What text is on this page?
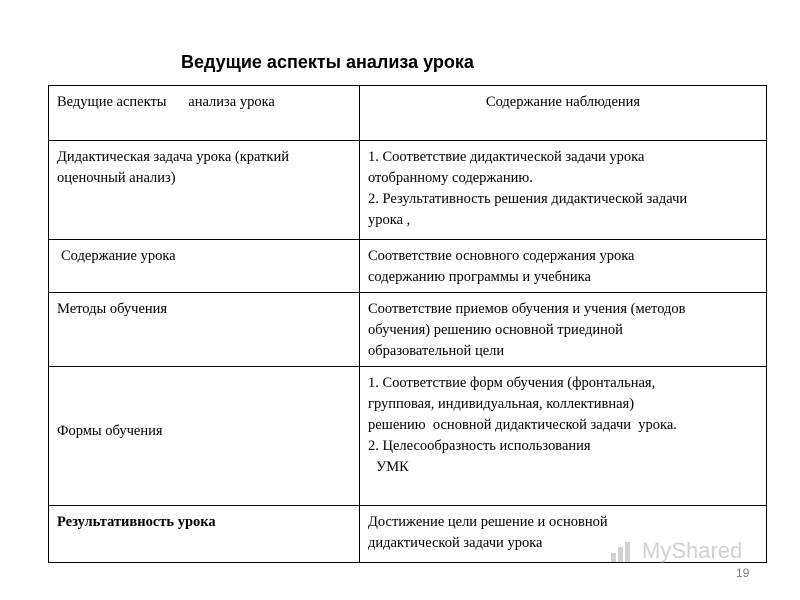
Ведущие аспекты анализа урока
Ведущие аспекты      анализа урока	Содержание наблюдения

Дидактическая задача урока (краткий
оценочный анализ)	1. Соответствие дидактической задачи урока
отобранному содержанию.
2. Результативность решения дидактической задачи
урока ,

Содержание урока	Соответствие основного содержания урока
содержанию программы и учебника

Методы обучения	Соответствие приемов обучения и учения (методов
обучения) решению основной триединой
образовательной цели

Формы обучения	1. Соответствие форм обучения (фронтальная,
групповая, индивидуальная, коллективная)
решению  основной дидактической задачи  урока.
2. Целесообразность использования
УМК

Результативность урока	Достижение цели решение и основной
дидактической задачи урока	MyShared
19
